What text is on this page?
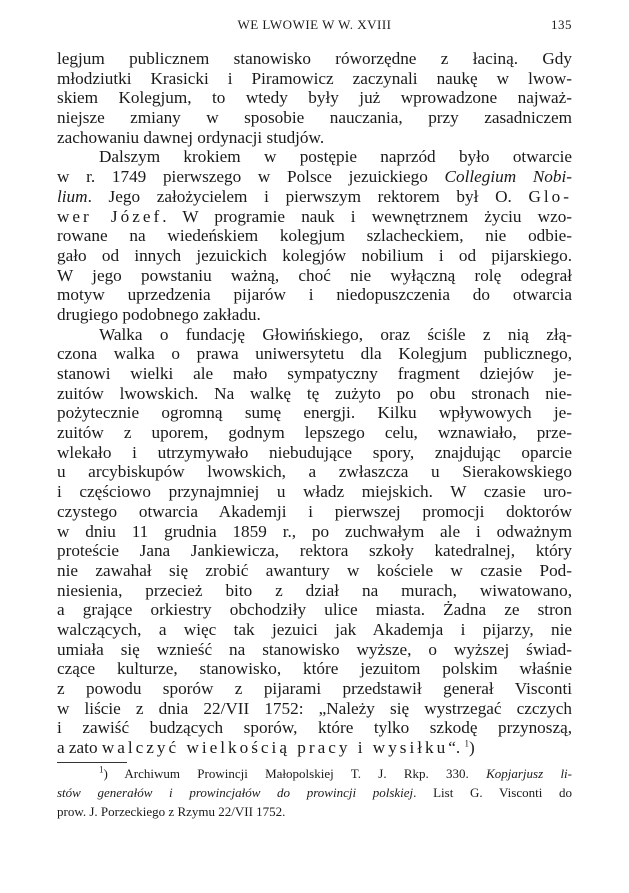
WE LWOWIE W W. XVIII	135
legjum publicznem stanowisko róworzędne z łaciną. Gdy
młodziutki Krasicki i Piramowicz zaczynali naukę w lwow-
skiem Kolegjum, to wtedy były już wprowadzone najważ-
niejsze zmiany w sposobie nauczania, przy zasadniczem
zachowaniu dawnej ordynacji studjów.
Dalszym krokiem w postępie naprzód było otwarcie
w r. 1749 pierwszego w Polsce jezuickiego Collegium Nobi-
lium. Jego założycielem i pierwszym rektorem był O. Glo-
wer Józef. W programie nauk i wewnętrznem życiu wzo-
rowane na wiedeńskiem kolegjum szlacheckiem, nie odbie-
gało od innych jezuickich kolegjów nobilium i od pijarskiego.
W jego powstaniu ważną, choć nie wyłączną rolę odegrał
motyw uprzedzenia pijarów i niedopuszczenia do otwarcia
drugiego podobnego zakładu.
Walka o fundację Głowińskiego, oraz ściśle z nią złą-
czona walka o prawa uniwersytetu dla Kolegjum publicznego,
stanowi wielki ale mało sympatyczny fragment dziejów je-
zuitów lwowskich. Na walkę tę zużyto po obu stronach nie-
pożytecznie ogromną sumę energji. Kilku wpływowych je-
zuitów z uporem, godnym lepszego celu, wznawiało, prze-
wlekało i utrzymywało niebudujące spory, znajdując oparcie
u arcybiskupów lwowskich, a zwłaszcza u Sierakowskiego
i częściowo przynajmniej u władz miejskich. W czasie uro-
czystego otwarcia Akademji i pierwszej promocji doktorów
w dniu 11 grudnia 1859 r., po zuchwałym ale i odważnym
proteście Jana Jankiewicza, rektora szkoły katedralnej, który
nie zawahał się zrobić awantury w kościele w czasie Pod-
niesienia, przecież bito z dział na murach, wiwatowano,
a grające orkiestry obchodziły ulice miasta. Żadna ze stron
walczących, a więc tak jezuici jak Akademja i pijarzy, nie
umiała się wznieść na stanowisko wyższe, o wyższej świad-
czące kulturze, stanowisko, które jezuitom polskim właśnie
z powodu sporów z pijarami przedstawił generał Visconti
w liście z dnia 22/VII 1752: „Należy się wystrzegać czczych
i zawiść budzących sporów, które tylko szkodę przynoszą,
a zato walczyć wielkością pracy i wysiłku“. $^1$)
$^1$) Archiwum Prowincji Małopolskiej T. J. Rkp. 330. Kopjarjusz li-
stów generałów i prowincjałów do prowincji polskiej. List G. Visconti do
prow. J. Porzeckiego z Rzymu 22/VII 1752.
